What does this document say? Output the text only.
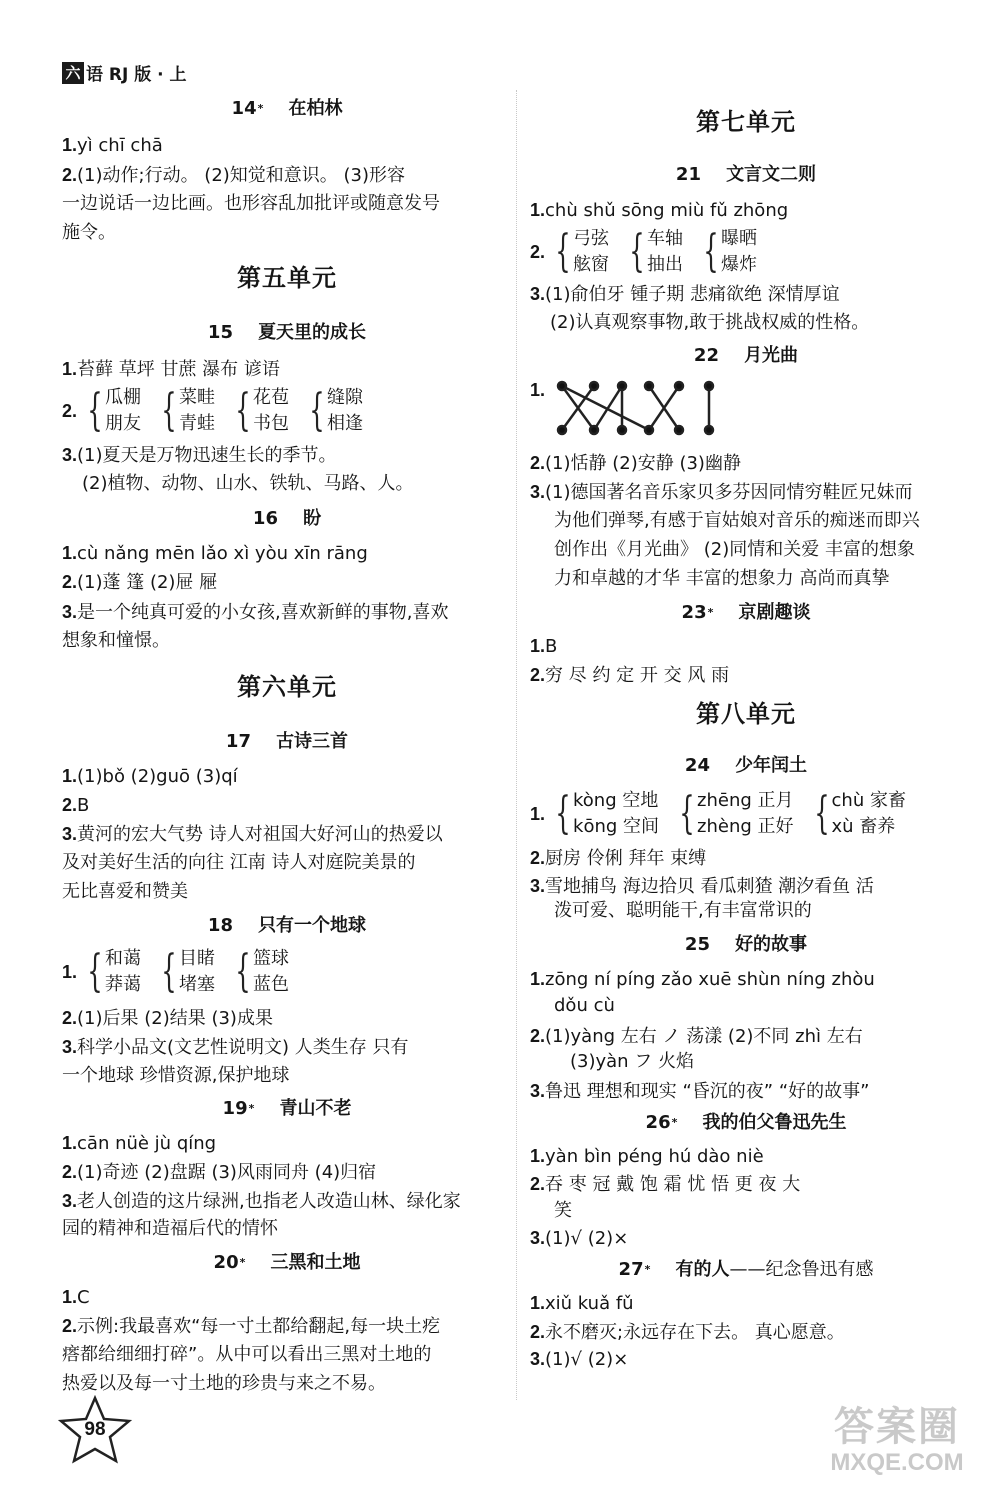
六 语 RJ 版 · 上
14* 在柏林
1.yì chī chā
2.(1)动作;行动。 (2)知觉和意识。 (3)形容
一边说话一边比画。也形容乱加批评或随意发号
施令。
第五单元
15 夏天里的成长
1.苔藓 草坪 甘蔗 瀑布 谚语
2. { 瓜棚
朋友 { 菜畦
青蛙 { 花苞
书包 { 缝隙
相逢
3.(1)夏天是万物迅速生长的季节。
(2)植物、动物、山水、铁轨、马路、人。
16 盼
1.cù nǎng mēn lǎo xì yòu xīn rāng
2.(1)蓬 篷 (2)屉 屜
3.是一个纯真可爱的小女孩,喜欢新鲜的事物,喜欢
想象和憧憬。
第六单元
17 古诗三首
1.(1)bǒ (2)guō (3)qí
2.B
3.黄河的宏大气势 诗人对祖国大好河山的热爱以
及对美好生活的向往 江南 诗人对庭院美景的
无比喜爱和赞美
18 只有一个地球
1. { 和蔼
莽蔼 { 目睹
堵塞 { 篮球
蓝色
2.(1)后果 (2)结果 (3)成果
3.科学小品文(文艺性说明文) 人类生存 只有
一个地球 珍惜资源,保护地球
19* 青山不老
1.cān nüè jù qíng
2.(1)奇迹 (2)盘踞 (3)风雨同舟 (4)归宿
3.老人创造的这片绿洲,也指老人改造山林、绿化家
园的精神和造福后代的情怀
20* 三黑和土地
1.C
2.示例:我最喜欢“每一寸土都给翻起,每一块土疙
瘩都给细细打碎”。从中可以看出三黑对土地的
热爱以及每一寸土地的珍贵与来之不易。
第七单元
21 文言文二则
1.chù shǔ sōng miù fǔ zhōng
2. { 弓弦
舷窗 { 车轴
抽出 { 曝晒
爆炸
3.(1)俞伯牙 锺子期 悲痛欲绝 深情厚谊
(2)认真观察事物,敢于挑战权威的性格。
22 月光曲
1.
2.(1)恬静 (2)安静 (3)幽静
3.(1)德国著名音乐家贝多芬因同情穷鞋匠兄妹而
为他们弹琴,有感于盲姑娘对音乐的痴迷而即兴
创作出《月光曲》 (2)同情和关爱 丰富的想象
力和卓越的才华 丰富的想象力 高尚而真挚
23* 京剧趣谈
1.B
2.穷 尽 约 定 开 交 风 雨
第八单元
24 少年闰土
1. { kòng 空地
kōng 空间 { zhēng 正月
zhèng 正好 { chù 家畜
xù 畜养
2.厨房 伶俐 拜年 束缚
3.雪地捕鸟 海边拾贝 看瓜刺猹 潮汐看鱼 活
泼可爱、聪明能干,有丰富常识的
25 好的故事
1.zōng ní píng zǎo xuē shùn níng zhòu
dǒu cù
2.(1)yàng 左右 ノ 荡漾 (2)不同 zhì 左右
(3)yàn フ 火焰
3.鲁迅 理想和现实 “昏沉的夜” “好的故事”
26* 我的伯父鲁迅先生
1.yàn bìn péng hú dào niè
2.吞 枣 冠 戴 饱 霜 忧 悟 更 夜 大
笑
3.(1)√ (2)×
27* 有的人——纪念鲁迅有感
1.xiǔ kuǎ fǔ
2.永不磨灭;永远存在下去。 真心愿意。
3.(1)√ (2)×
98	答案圈
MXQE.COM
